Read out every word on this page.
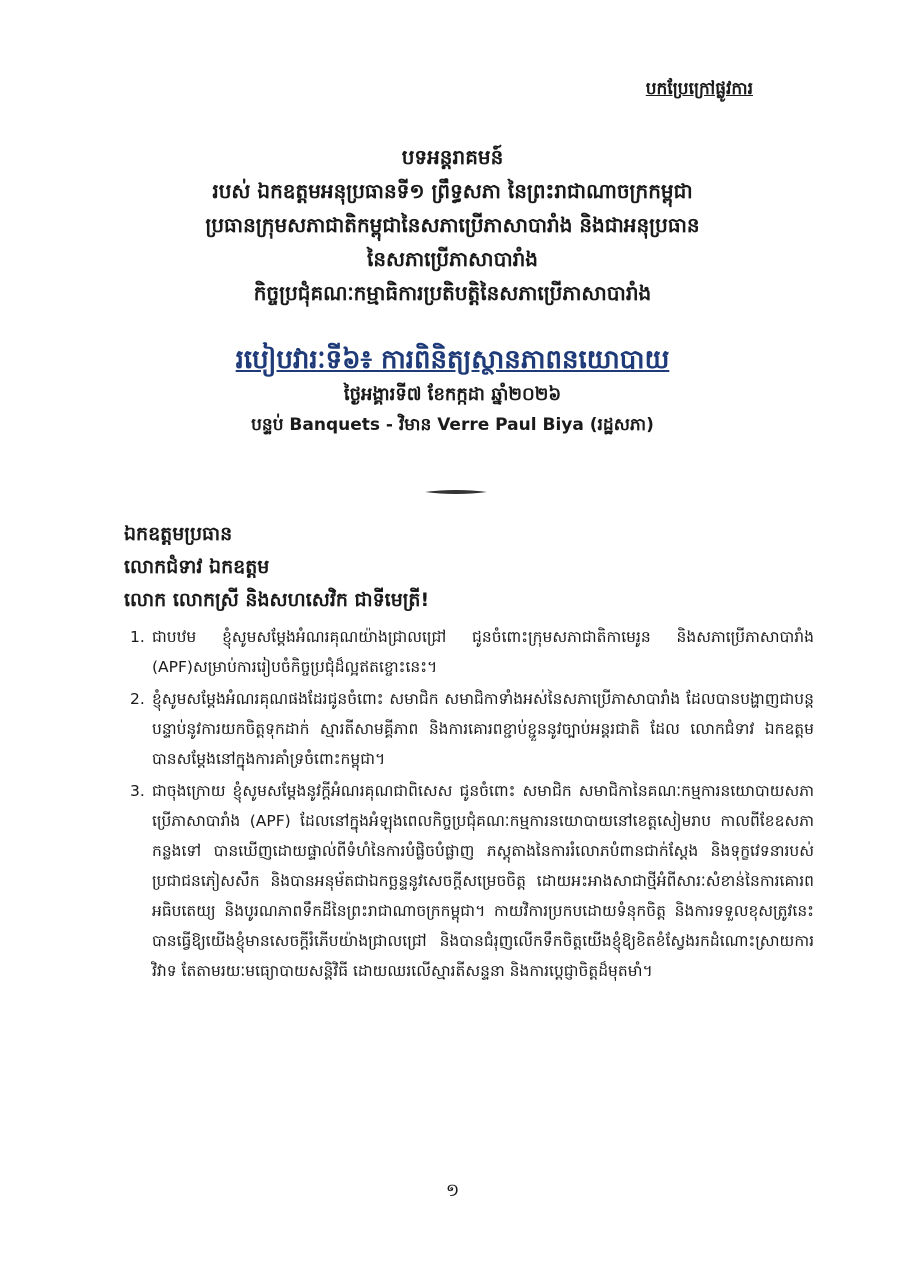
បកប្រែក្រៅផ្លូវការ

បទអន្តរាគមន៍

របស់ ឯកឧត្តមអនុប្រធានទី១ ព្រឹទ្ធសភា នៃព្រះរាជាណាចក្រកម្ពុជា

ប្រធានក្រុមសភាជាតិកម្ពុជានៃសភាប្រើភាសាបារាំង និងជាអនុប្រធាន

នៃសភាប្រើភាសាបារាំង

កិច្ចប្រជុំគណៈកម្មាធិការប្រតិបត្តិនៃសភាប្រើភាសាបារាំង

របៀបវារៈទី៦៖ ការពិនិត្យស្ថានភាពនយោបាយ
ថ្ងៃអង្គារទី៧ ខែកក្កដា ឆ្នាំ២០២៦
បន្ទប់ Banquets - វិមាន Verre Paul Biya (រដ្ឋសភា)

ឯកឧត្តមប្រធាន

លោកជំទាវ ឯកឧត្តម

លោក លោកស្រី និងសហសេវិក ជាទីមេត្រី!

1. ជាបឋម ខ្ញុំសូមសម្តែងអំណរគុណយ៉ាងជ្រាលជ្រៅ ជូនចំពោះក្រុមសភាជាតិកាមេរូន និងសភាប្រើភាសាបារាំង (APF)សម្រាប់ការរៀបចំកិច្ចប្រជុំដ៏ល្អឥតខ្ចោះនេះ។
2. ខ្ញុំសូមសម្តែងអំណរគុណផងដែរជូនចំពោះ សមាជិក សមាជិកាទាំងអស់នៃសភាប្រើភាសាបារាំង ដែលបានបង្ហាញជាបន្តបន្ទាប់នូវការយកចិត្តទុកដាក់ ស្មារតីសាមគ្គីភាព និងការគោរពខ្ជាប់ខ្ជួននូវច្បាប់អន្តរជាតិ ដែល លោកជំទាវ ឯកឧត្តម បានសម្តែងនៅក្នុងការគាំទ្រចំពោះកម្ពុជា។
3. ជាចុងក្រោយ ខ្ញុំសូមសម្តែងនូវក្តីអំណរគុណជាពិសេស ជូនចំពោះ សមាជិក សមាជិកានៃគណៈកម្មការនយោបាយសភាប្រើភាសាបារាំង (APF) ដែលនៅក្នុងអំឡុងពេលកិច្ចប្រជុំគណៈកម្មការនយោបាយនៅខេត្តសៀមរាប កាលពីខែឧសភាកន្លងទៅ បានឃើញដោយផ្ទាល់ពីទំហំនៃការបំផ្លិចបំផ្លាញ ភស្តុតាងនៃការរំលោភបំពានជាក់ស្តែង និងទុក្ខវេទនារបស់ប្រជាជនភៀសសឹក និងបានអនុម័តជាឯកច្ឆន្ទនូវសេចក្តីសម្រេចចិត្ត ដោយអះអាងសាជាថ្មីអំពីសារៈសំខាន់នៃការគោរពអធិបតេយ្យ និងបូរណភាពទឹកដីនៃព្រះរាជាណាចក្រកម្ពុជា។ កាយវិការប្រកបដោយទំនុកចិត្ត និងការទទួលខុសត្រូវនេះ បានធ្វើឱ្យយើងខ្ញុំមានសេចក្តីរំភើបយ៉ាងជ្រាលជ្រៅ និងបានជំរុញលើកទឹកចិត្តយើងខ្ញុំឱ្យខិតខំស្វែងរកដំណោះស្រាយការវិវាទ តែតាមរយៈមធ្យោបាយសន្តិវិធី ដោយឈរលើស្មារតីសន្ទនា និងការប្តេជ្ញាចិត្តដ៏មុតមាំ។
១
